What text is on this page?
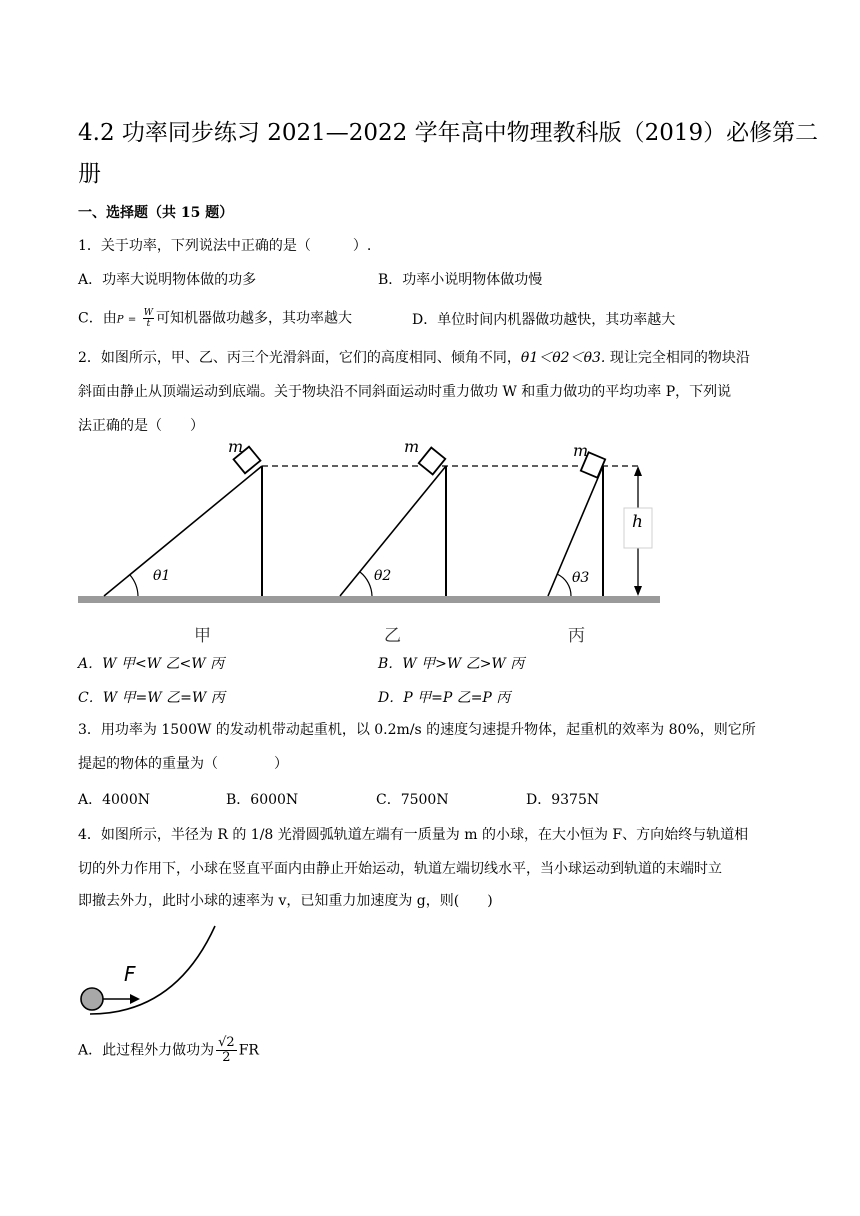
4.2 功率同步练习 2021—2022 学年高中物理教科版（2019）必修第二
册
一、选择题（共 15 题）
1．关于功率，下列说法中正确的是（　　　）.
A．功率大说明物体做的功多	B．功率小说明物体做功慢
C．由$P = \frac{W}{t}$ 可知机器做功越多，其功率越大	D．单位时间内机器做功越快，其功率越大
2．如图所示，甲、乙、丙三个光滑斜面，它们的高度相同、倾角不同，θ1＜θ2＜θ3. 现让完全相同的物块沿
斜面由静止从顶端运动到底端。关于物块沿不同斜面运动时重力做功 W 和重力做功的平均功率 P，下列说
法正确的是（　　）
m	m	m
h
θ1	θ2	θ3
甲	乙	丙
A．W 甲<W 乙<W 丙	B．W 甲>W 乙>W 丙
C．W 甲=W 乙=W 丙	D．P 甲=P 乙=P 丙
3．用功率为 1500W 的发动机带动起重机，以 0.2m/s 的速度匀速提升物体，起重机的效率为 80%，则它所
提起的物体的重量为（　　　　）
A．4000N	B．6000N	C．7500N	D．9375N
4．如图所示，半径为 R 的 1/8 光滑圆弧轨道左端有一质量为 m 的小球，在大小恒为 F、方向始终与轨道相
切的外力作用下，小球在竖直平面内由静止开始运动，轨道左端切线水平，当小球运动到轨道的末端时立
即撤去外力，此时小球的速率为 v，已知重力加速度为 g，则(　　)
F
A．此过程外力做功为 $\frac{√2}{2}$ FR
